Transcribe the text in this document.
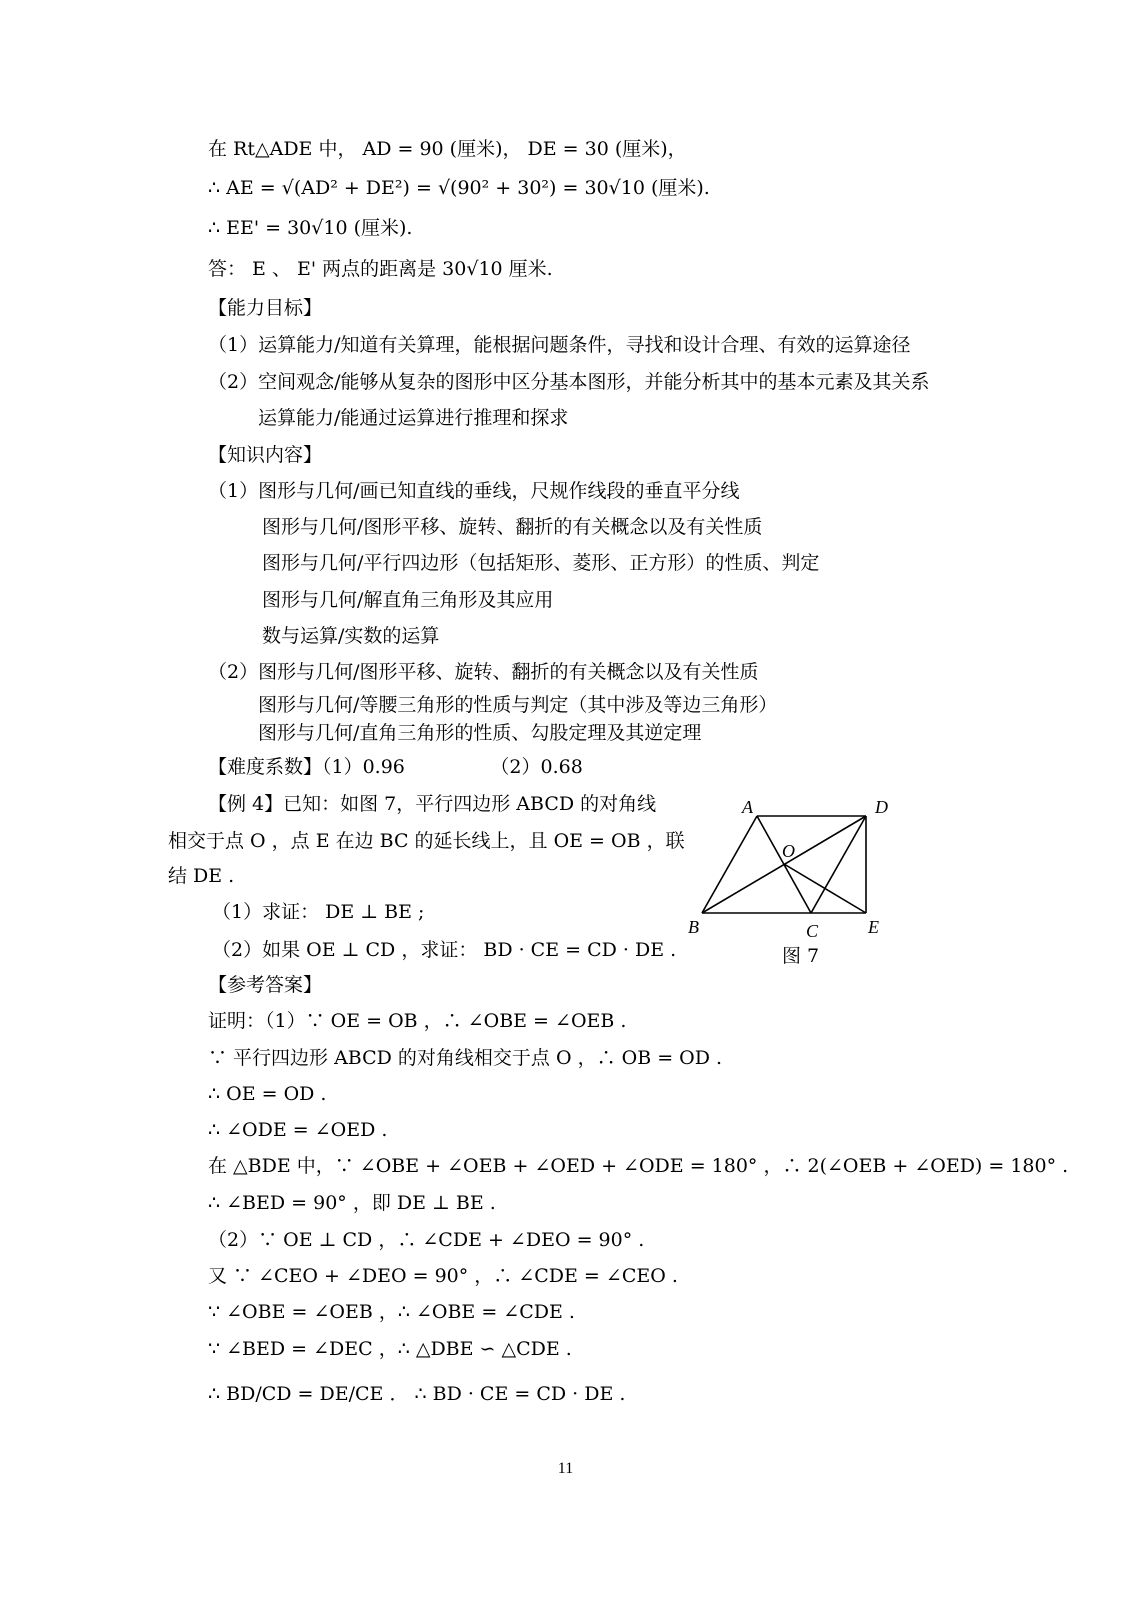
在 Rt△ADE 中， AD = 90 (厘米)， DE = 30 (厘米)，
∴ AE = √(AD² + DE²) = √(90² + 30²) = 30√10 (厘米).
∴ EE' = 30√10 (厘米).
答： E 、 E' 两点的距离是 30√10 厘米.
【能力目标】
（1）运算能力/知道有关算理，能根据问题条件，寻找和设计合理、有效的运算途径
（2）空间观念/能够从复杂的图形中区分基本图形，并能分析其中的基本元素及其关系
运算能力/能通过运算进行推理和探求
【知识内容】
（1）图形与几何/画已知直线的垂线，尺规作线段的垂直平分线
图形与几何/图形平移、旋转、翻折的有关概念以及有关性质
图形与几何/平行四边形（包括矩形、菱形、正方形）的性质、判定
图形与几何/解直角三角形及其应用
数与运算/实数的运算
（2）图形与几何/图形平移、旋转、翻折的有关概念以及有关性质
图形与几何/等腰三角形的性质与判定（其中涉及等边三角形）
图形与几何/直角三角形的性质、勾股定理及其逆定理
【难度系数】（1）0.96　　　　　（2）0.68
【例 4】已知：如图 7，平行四边形 ABCD 的对角线
相交于点 O ，点 E 在边 BC 的延长线上，且 OE = OB ，联
结 DE .
（1）求证： DE ⊥ BE ;
（2）如果 OE ⊥ CD ，求证： BD · CE = CD · DE .
【参考答案】
证明：（1）∵ OE = OB ，∴ ∠OBE = ∠OEB .
∵ 平行四边形 ABCD 的对角线相交于点 O ，∴ OB = OD .
∴ OE = OD .
∴ ∠ODE = ∠OED .
在 △BDE 中，∵ ∠OBE + ∠OEB + ∠OED + ∠ODE = 180° ，∴ 2(∠OEB + ∠OED) = 180° .
∴ ∠BED = 90° ，即 DE ⊥ BE .
（2）∵ OE ⊥ CD ，∴ ∠CDE + ∠DEO = 90° .
又 ∵ ∠CEO + ∠DEO = 90° ，∴ ∠CDE = ∠CEO .
∵ ∠OBE = ∠OEB ，∴ ∠OBE = ∠CDE .
∵ ∠BED = ∠DEC ，∴ △DBE ∽ △CDE .
∴ BD/CD = DE/CE ． ∴ BD · CE = CD · DE .
A	D
O
B	C	E
图 7
11
